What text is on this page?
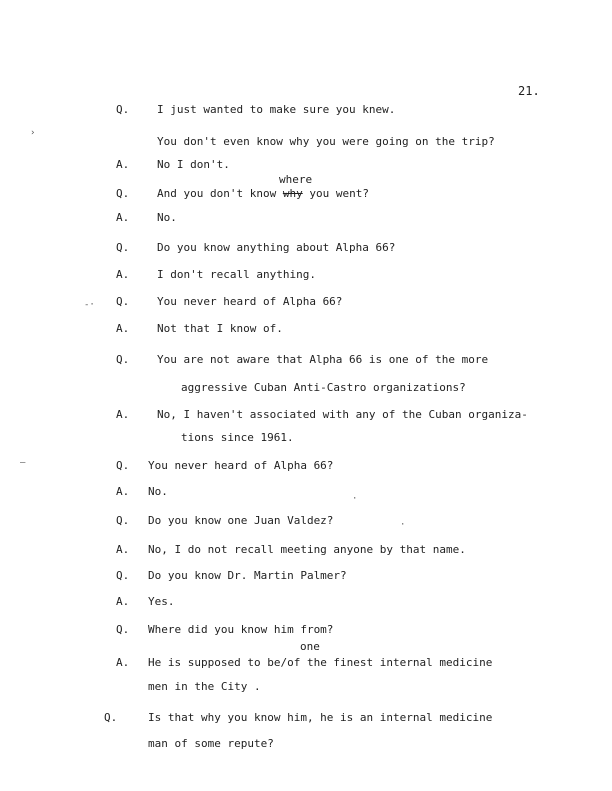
21.
Q.	I just wanted to make sure you knew.
You don't even know why you were going on the trip?
A.	No I don't.
where
Q.	And you don't know why you went?
A.	No.
Q.	Do you know anything about Alpha 66?
A.	I don't recall anything.
Q.	You never heard of Alpha 66?
A.	Not that I know of.
Q.	You are not aware that Alpha 66 is one of the more
aggressive Cuban Anti-Castro organizations?
A.	No, I haven't associated with any of the Cuban organiza-
tions since 1961.
Q. You never heard of Alpha 66?
A. No.
Q. Do you know one Juan Valdez?
A. No, I do not recall meeting anyone by that name.
Q. Do you know Dr. Martin Palmer?
A. Yes.
Q. Where did you know him from?
one
A. He is supposed to be/of the finest internal medicine
men in the City .
Q.	Is that why you know him, he is an internal medicine
man of some repute?
›
-·
—
·
·
